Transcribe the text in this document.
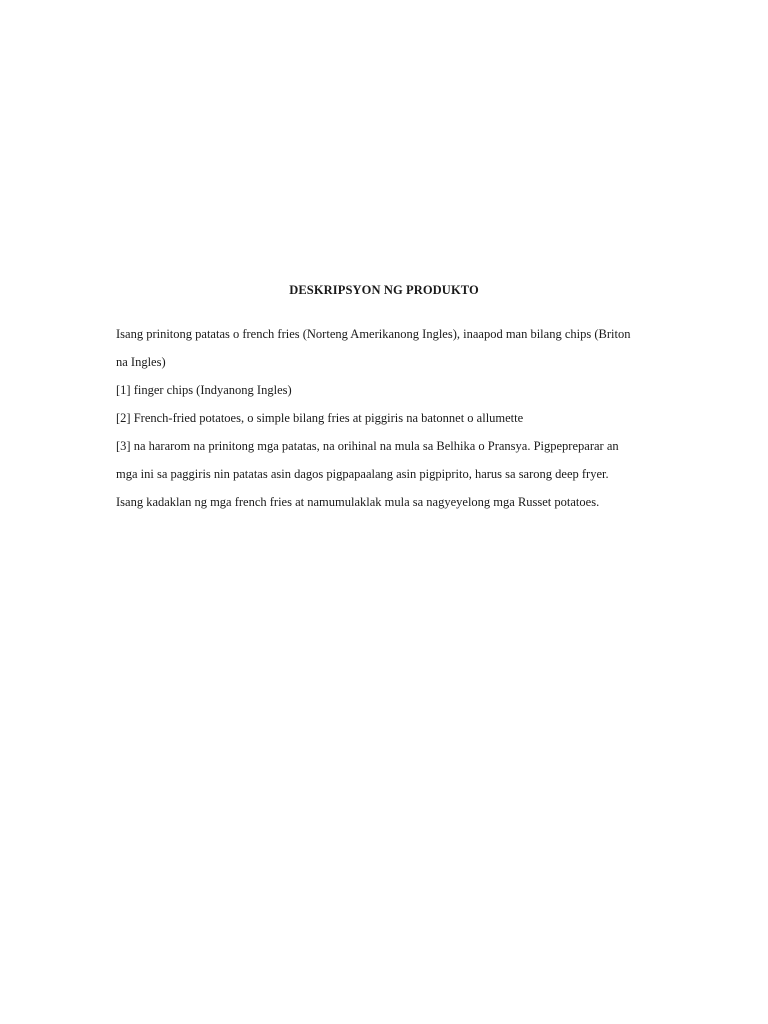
DESKRIPSYON NG PRODUKTO
Isang prinitong patatas o french fries (Norteng Amerikanong Ingles), inaapod man bilang chips (Briton
na Ingles)
[1] finger chips (Indyanong Ingles)
[2] French-fried potatoes, o simple bilang fries at piggiris na batonnet o allumette
[3] na hararom na prinitong mga patatas, na orihinal na mula sa Belhika o Pransya. Pigpepreparar an
mga ini sa paggiris nin patatas asin dagos pigpapaalang asin pigpiprito, harus sa sarong deep fryer.
Isang kadaklan ng mga french fries at namumulaklak mula sa nagyeyelong mga Russet potatoes.
